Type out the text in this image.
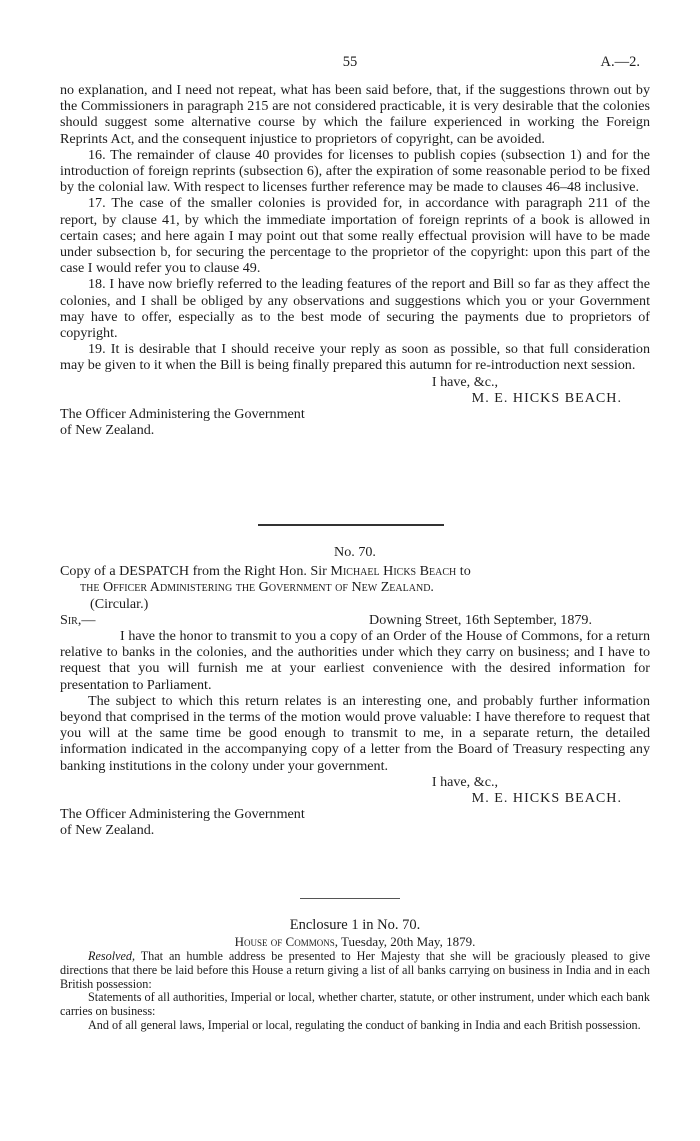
55	A.—2.

no explanation, and I need not repeat, what has been said before, that, if the suggestions thrown out by the Commissioners in paragraph 215 are not considered practicable, it is very desirable that the colonies should suggest some alternative course by which the failure experienced in working the Foreign Reprints Act, and the consequent injustice to proprietors of copyright, can be avoided.

16. The remainder of clause 40 provides for licenses to publish copies (subsection 1) and for the introduction of foreign reprints (subsection 6), after the expiration of some reasonable period to be fixed by the colonial law. With respect to licenses further reference may be made to clauses 46–48 inclusive.

17. The case of the smaller colonies is provided for, in accordance with paragraph 211 of the report, by clause 41, by which the immediate importation of foreign reprints of a book is allowed in certain cases; and here again I may point out that some really effectual provision will have to be made under subsection b, for securing the percentage to the proprietor of the copyright: upon this part of the case I would refer you to clause 49.

18. I have now briefly referred to the leading features of the report and Bill so far as they affect the colonies, and I shall be obliged by any observations and suggestions which you or your Government may have to offer, especially as to the best mode of securing the payments due to proprietors of copyright.

19. It is desirable that I should receive your reply as soon as possible, so that full consideration may be given to it when the Bill is being finally prepared this autumn for re-introduction next session.

I have, &c.,

M. E. HICKS BEACH.

The Officer Administering the Government

of New Zealand.

No. 70.

Copy of a DESPATCH from the Right Hon. Sir Michael Hicks Beach to

the Officer Administering the Government of New Zealand.

(Circular.)

Sir,—	Downing Street, 16th September, 1879.

I have the honor to transmit to you a copy of an Order of the House of Commons, for a return relative to banks in the colonies, and the authorities under which they carry on business; and I have to request that you will furnish me at your earliest convenience with the desired information for presentation to Parliament.

The subject to which this return relates is an interesting one, and probably further information beyond that comprised in the terms of the motion would prove valuable: I have therefore to request that you will at the same time be good enough to transmit to me, in a separate return, the detailed information indicated in the accompanying copy of a letter from the Board of Treasury respecting any banking institutions in the colony under your government.

I have, &c.,

M. E. HICKS BEACH.

The Officer Administering the Government

of New Zealand.

Enclosure 1 in No. 70.

House of Commons, Tuesday, 20th May, 1879.

Resolved, That an humble address be presented to Her Majesty that she will be graciously pleased to give directions that there be laid before this House a return giving a list of all banks carrying on business in India and in each British possession:

Statements of all authorities, Imperial or local, whether charter, statute, or other instrument, under which each bank carries on business:

And of all general laws, Imperial or local, regulating the conduct of banking in India and each British possession.
